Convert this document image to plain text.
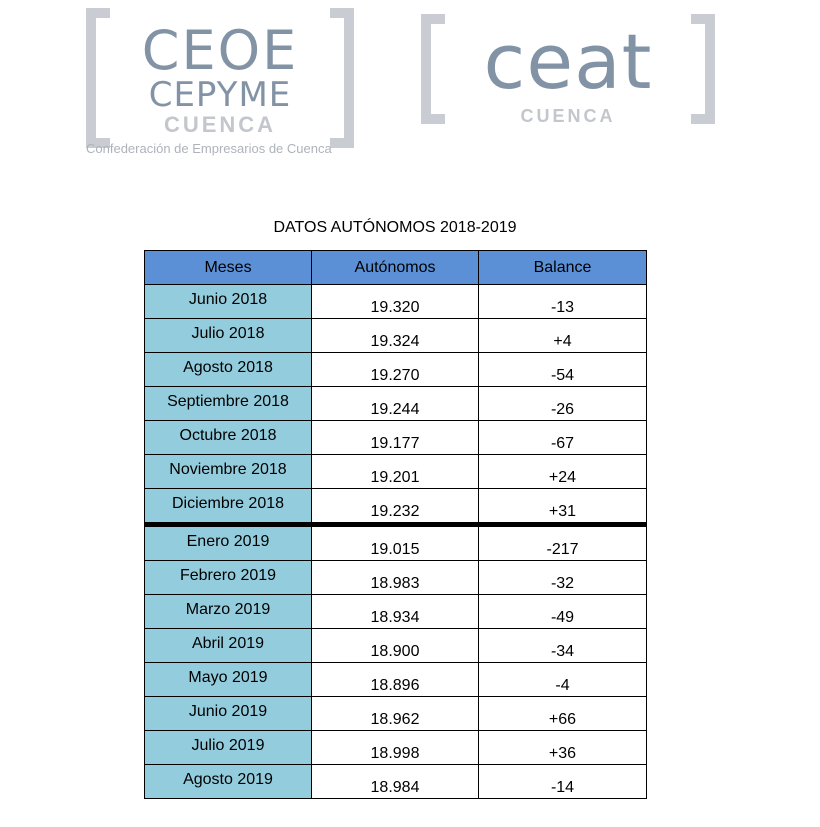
CEOE
CEPYME
CUENCA
Confederación de Empresarios de Cuenca
ceat
CUENCA
DATOS AUTÓNOMOS 2018-2019
Meses	Autónomos	Balance
Junio 2018	19.320	-13
Julio 2018	19.324	+4
Agosto 2018	19.270	-54
Septiembre 2018	19.244	-26
Octubre 2018	19.177	-67
Noviembre 2018	19.201	+24
Diciembre 2018	19.232	+31
Enero 2019	19.015	-217
Febrero 2019	18.983	-32
Marzo 2019	18.934	-49
Abril 2019	18.900	-34
Mayo 2019	18.896	-4
Junio 2019	18.962	+66
Julio 2019	18.998	+36
Agosto 2019	18.984	-14
